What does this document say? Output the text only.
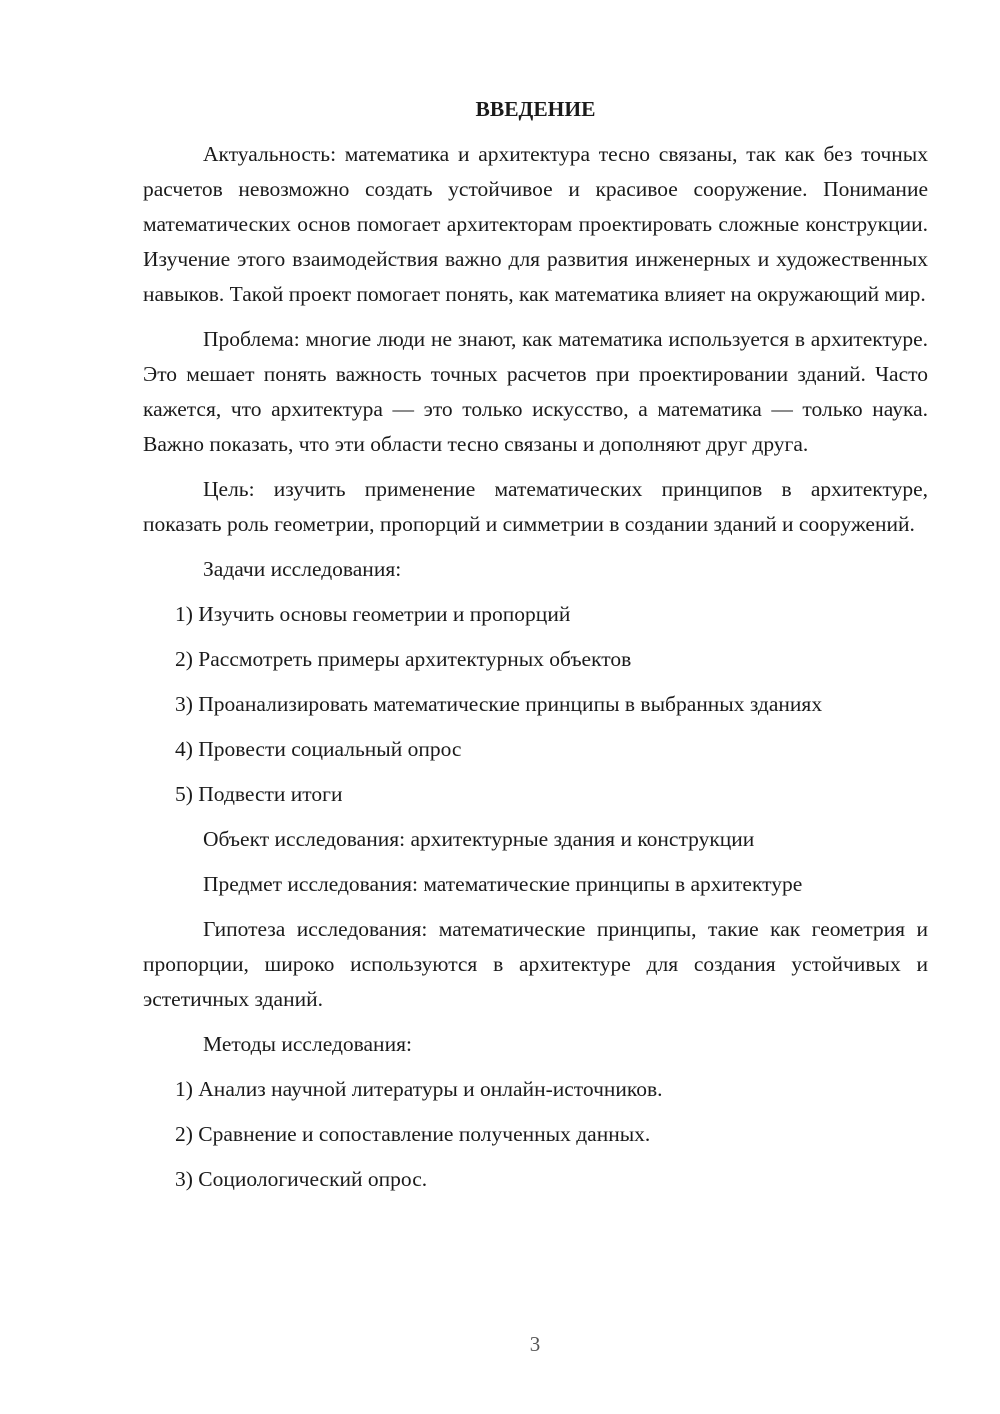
ВВЕДЕНИЕ

Актуальность: математика и архитектура тесно связаны, так как без точных расчетов невозможно создать устойчивое и красивое сооружение. Понимание математических основ помогает архитекторам проектировать сложные конструкции. Изучение этого взаимодействия важно для развития инженерных и художественных навыков. Такой проект помогает понять, как математика влияет на окружающий мир.

Проблема: многие люди не знают, как математика используется в архитектуре. Это мешает понять важность точных расчетов при проектировании зданий. Часто кажется, что архитектура — это только искусство, а математика — только наука. Важно показать, что эти области тесно связаны и дополняют друг друга.

Цель: изучить применение математических принципов в архитектуре, показать роль геометрии, пропорций и симметрии в создании зданий и сооружений.

Задачи исследования:

1) Изучить основы геометрии и пропорций

2) Рассмотреть примеры архитектурных объектов

3) Проанализировать математические принципы в выбранных зданиях

4) Провести социальный опрос

5) Подвести итоги

Объект исследования: архитектурные здания и конструкции

Предмет исследования: математические принципы в архитектуре

Гипотеза исследования: математические принципы, такие как геометрия и пропорции, широко используются в архитектуре для создания устойчивых и эстетичных зданий.

Методы исследования:

1) Анализ научной литературы и онлайн-источников.

2) Сравнение и сопоставление полученных данных.

3) Социологический опрос.

3
